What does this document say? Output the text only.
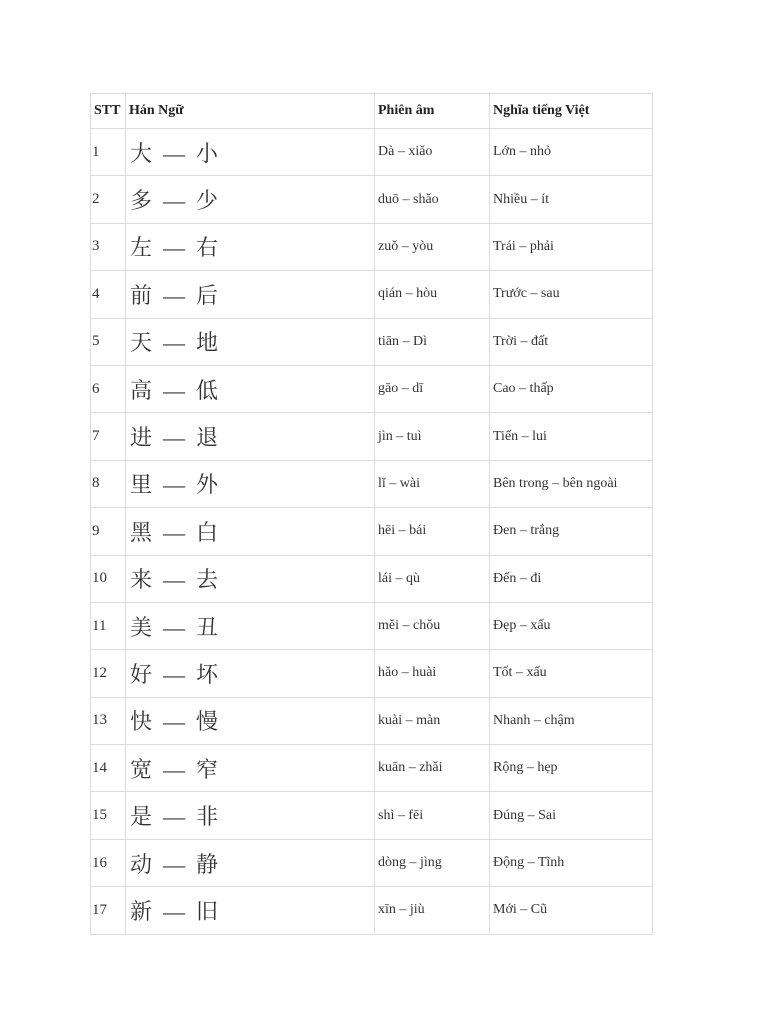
STT	Hán Ngữ	Phiên âm	Nghĩa tiếng Việt
1	大 — 小	Dà – xiǎo	Lớn – nhỏ
2	多 — 少	duō – shǎo	Nhiều – ít
3	左 — 右	zuǒ – yòu	Trái – phải
4	前 — 后	qián – hòu	Trước – sau
5	天 — 地	tiān – Dì	Trời – đất
6	高 — 低	gāo – dī	Cao – thấp
7	进 — 退	jìn – tuì	Tiến – lui
8	里 — 外	lǐ – wài	Bên trong – bên ngoài
9	黑 — 白	hēi – bái	Đen – trắng
10	来 — 去	lái – qù	Đến – đi
11	美 — 丑	měi – chǒu	Đẹp – xấu
12	好 — 坏	hǎo – huài	Tốt – xấu
13	快 — 慢	kuài – màn	Nhanh – chậm
14	宽 — 窄	kuān – zhǎi	Rộng – hẹp
15	是 — 非	shì – fēi	Đúng – Sai
16	动 — 静	dòng – jìng	Động – Tĩnh
17	新 — 旧	xīn – jiù	Mới – Cũ
